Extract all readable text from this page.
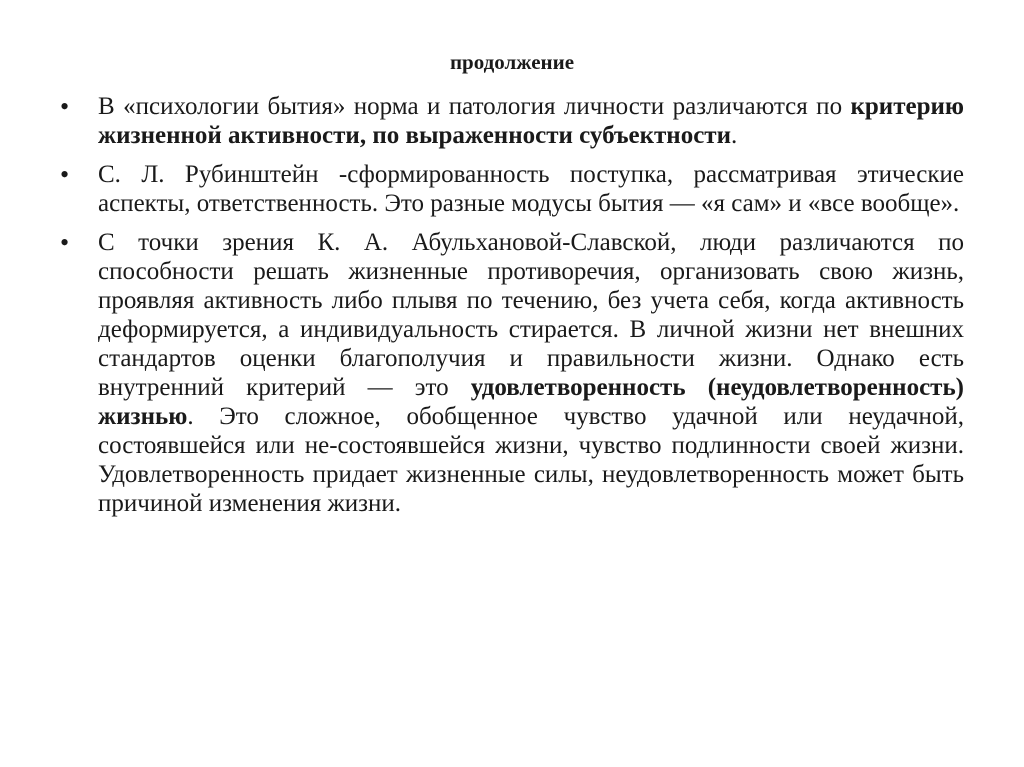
продолжение
•	В «психологии бытия» норма и патология личности различаются по критерию жизненной активности, по выраженности субъектности.
•	С. Л. Рубинштейн -сформированность поступка, рассматривая этические аспекты, ответственность. Это разные модусы бытия — «я сам» и «все вообще».
•	С точки зрения К. А. Абульхановой-Славской, люди различаются по способности решать жизненные противоречия, организовать свою жизнь, проявляя активность либо плывя по течению, без учета себя, когда активность деформируется, а индивидуальность стирается. В личной жизни нет внешних стандартов оценки благополучия и правильности жизни. Однако есть внутренний критерий — это удовлетворенность (неудовлетворенность) жизнью. Это сложное, обобщенное чувство удачной или неудачной, состоявшейся или не-состоявшейся жизни, чувство подлинности своей жизни. Удовлетворенность придает жизненные силы, неудовлетворенность может быть причиной изменения жизни.
